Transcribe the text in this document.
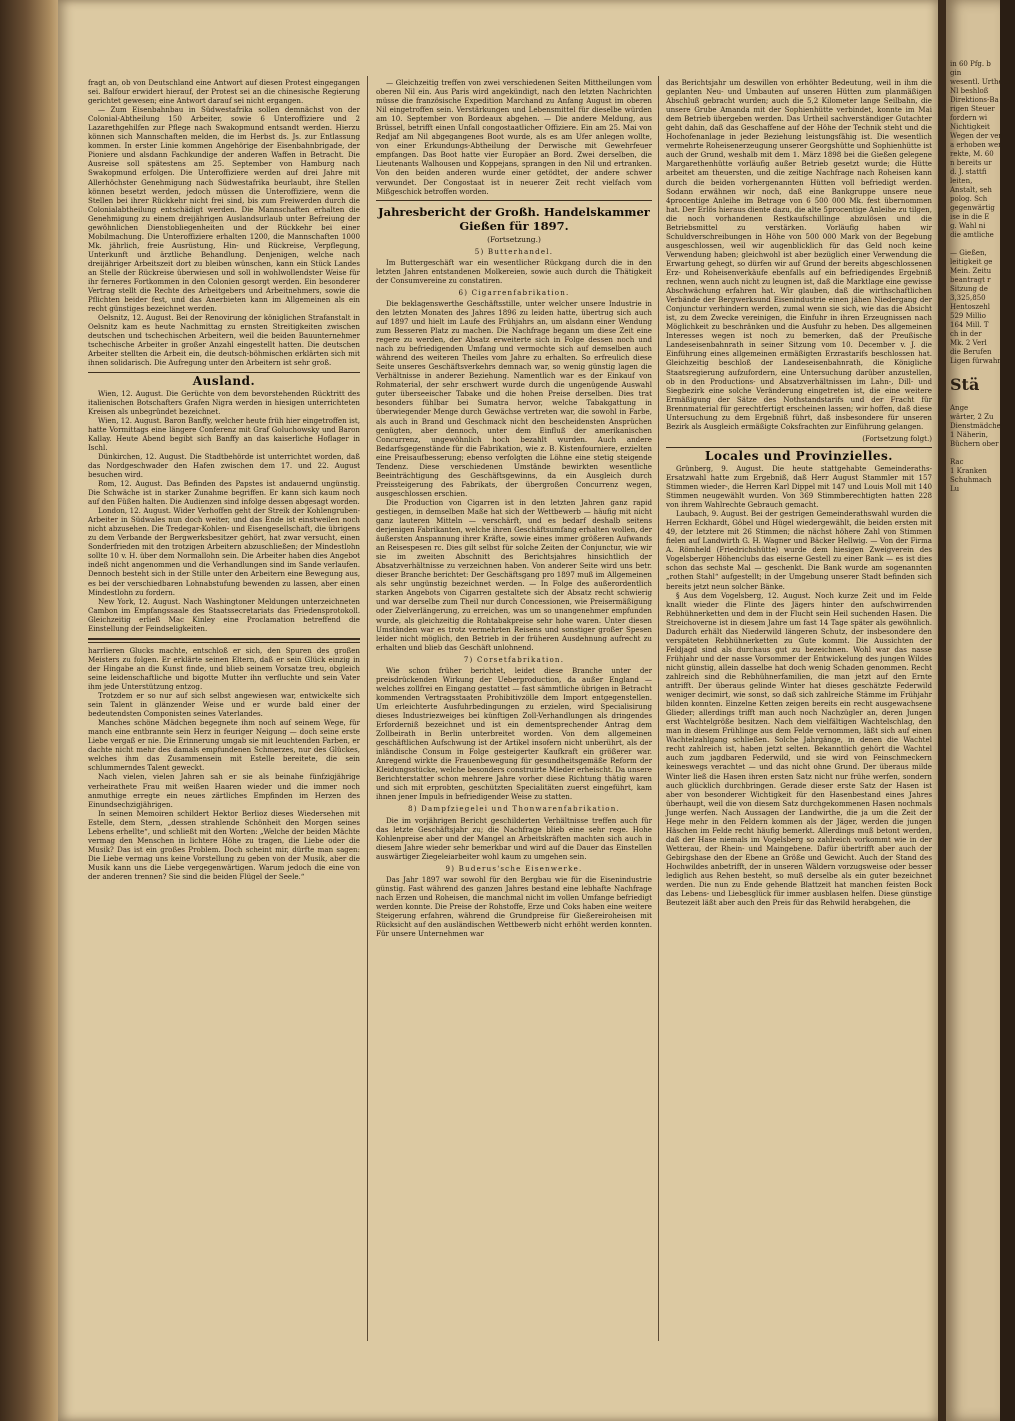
fragt an, ob von Deutschland eine Antwort auf diesen Protest eingegangen sei. Balfour erwidert hierauf, der Protest sei an die chinesische Regierung gerichtet gewesen; eine Antwort darauf sei nicht ergangen.

— Zum Eisenbahnbau in Südwestafrika sollen demnächst von der Colonial-Abtheilung 150 Arbeiter, sowie 6 Unteroffiziere und 2 Lazarethgehilfen zur Pflege nach Swakopmund entsandt werden. Hierzu können sich Mannschaften melden, die im Herbst ds. Js. zur Entlassung kommen. In erster Linie kommen Angehörige der Eisenbahnbrigade, der Pioniere und alsdann Fachkundige der anderen Waffen in Betracht. Die Ausreise soll spätestens am 25. September von Hamburg nach Swakopmund erfolgen. Die Unteroffiziere werden auf drei Jahre mit Allerhöchster Genehmigung nach Südwestafrika beurlaubt, ihre Stellen können besetzt werden, jedoch müssen die Unteroffiziere, wenn die Stellen bei ihrer Rückkehr nicht frei sind, bis zum Freiwerden durch die Colonialabtheilung entschädigt werden. Die Mannschaften erhalten die Genehmigung zu einem dreijährigen Auslandsurlaub unter Befreiung der gewöhnlichen Dienstobliegenheiten und der Rückkehr bei einer Mobilmachung. Die Unteroffiziere erhalten 1200, die Mannschaften 1000 Mk. jährlich, freie Ausrüstung, Hin- und Rückreise, Verpflegung, Unterkunft und ärztliche Behandlung. Denjenigen, welche nach dreijähriger Arbeitszeit dort zu bleiben wünschen, kann ein Stück Landes an Stelle der Rückreise überwiesen und soll in wohlwollendster Weise für ihr ferneres Fortkommen in den Colonien gesorgt werden. Ein besonderer Vertrag stellt die Rechte des Arbeitgebers und Arbeitnehmers, sowie die Pflichten beider fest, und das Anerbieten kann im Allgemeinen als ein recht günstiges bezeichnet werden.

Oelsnitz, 12. August. Bei der Renovirung der königlichen Strafanstalt in Oelsnitz kam es heute Nachmittag zu ernsten Streitigkeiten zwischen deutschen und tschechischen Arbeitern, weil die beiden Bauunternehmer tschechische Arbeiter in großer Anzahl eingestellt hatten. Die deutschen Arbeiter stellten die Arbeit ein, die deutsch-böhmischen erklärten sich mit ihnen solidarisch. Die Aufregung unter den Arbeitern ist sehr groß.

Ausland.

Wien, 12. August. Die Gerüchte von dem bevorstehenden Rücktritt des italienischen Botschafters Grafen Nigra werden in hiesigen unterrichteten Kreisen als unbegründet bezeichnet.

Wien, 12. August. Baron Banffy, welcher heute früh hier eingetroffen ist, hatte Vormittags eine längere Conferenz mit Graf Goluchowsky und Baron Kallay. Heute Abend begibt sich Banffy an das kaiserliche Hoflager in Ischl.

Dünkirchen, 12. August. Die Stadtbehörde ist unterrichtet worden, daß das Nordgeschwader den Hafen zwischen dem 17. und 22. August besuchen wird.

Rom, 12. August. Das Befinden des Papstes ist andauernd ungünstig. Die Schwäche ist in starker Zunahme begriffen. Er kann sich kaum noch auf den Füßen halten. Die Audienzen sind infolge dessen abgesagt worden.

London, 12. August. Wider Verhoffen geht der Streik der Kohlengruben-Arbeiter in Südwales nun doch weiter, und das Ende ist einstweilen noch nicht abzusehen. Die Tredegar-Kohlen- und Eisengesellschaft, die übrigens zu dem Verbande der Bergwerksbesitzer gehört, hat zwar versucht, einen Sonderfrieden mit den trotzigen Arbeitern abzuschließen; der Mindestlohn sollte 10 v. H. über dem Normallohn sein. Die Arbeiter haben dies Angebot indeß nicht angenommen und die Verhandlungen sind im Sande verlaufen. Dennoch besteht sich in der Stille unter den Arbeitern eine Bewegung aus, es bei der verschiedbaren Lohnabstufung bewenden zu lassen, aber einen Mindestlohn zu fordern.

New York, 12. August. Nach Washingtoner Meldungen unterzeichneten Cambon im Empfangssaale des Staatssecretariats das Friedensprotokoll. Gleichzeitig erließ Mac Kinley eine Proclamation betreffend die Einstellung der Feindseligkeiten.

harrlieren Glucks machte, entschloß er sich, den Spuren des großen Meisters zu folgen. Er erklärte seinen Eltern, daß er sein Glück einzig in der Hingabe an die Kunst finde, und blieb seinem Vorsatze treu, obgleich seine leidenschaftliche und bigotte Mutter ihn verfluchte und sein Vater ihm jede Unterstützung entzog.

Trotzdem er so nur auf sich selbst angewiesen war, entwickelte sich sein Talent in glänzender Weise und er wurde bald einer der bedeutendsten Componisten seines Vaterlandes.

Manches schöne Mädchen begegnete ihm noch auf seinem Wege, für manch eine entbrannte sein Herz in feuriger Neigung — doch seine erste Liebe vergaß er nie. Die Erinnerung umgab sie mit leuchtenden Farben, er dachte nicht mehr des damals empfundenen Schmerzes, nur des Glückes, welches ihm das Zusammensein mit Estelle bereitete, die sein schlummerndes Talent geweckt.

Nach vielen, vielen Jahren sah er sie als beinahe fünfzigjährige verheirathete Frau mit weißen Haaren wieder und die immer noch anmuthige erregte ein neues zärtliches Empfinden im Herzen des Einundsechzigjährigen.

In seinen Memoiren schildert Hektor Berlioz dieses Wiedersehen mit Estelle, dem Stern, „dessen strahlende Schönheit den Morgen seines Lebens erhellte“, und schließt mit den Worten: „Welche der beiden Mächte vermag den Menschen in lichtere Höhe zu tragen, die Liebe oder die Musik? Das ist ein großes Problem. Doch scheint mir, dürfte man sagen: Die Liebe vermag uns keine Vorstellung zu geben von der Musik, aber die Musik kann uns die Liebe vergegenwärtigen. Warum jedoch die eine von der anderen trennen? Sie sind die beiden Flügel der Seele.“

— Gleichzeitig treffen von zwei verschiedenen Seiten Mittheilungen vom oberen Nil ein. Aus Paris wird angekündigt, nach den letzten Nachrichten müsse die französische Expedition Marchand zu Anfang August im oberen Nil eingetroffen sein. Verstärkungen und Lebensmittel für dieselbe würden am 10. September von Bordeaux abgehen. — Die andere Meldung, aus Brüssel, betrifft einen Unfall congostaatlicher Offiziere. Ein am 25. Mai von Redjaf am Nil abgegangenes Boot wurde, als es am Ufer anlegen wollte, von einer Erkundungs-Abtheilung der Derwische mit Gewehrfeuer empfangen. Das Boot hatte vier Europäer an Bord. Zwei derselben, die Lieutenants Walhousen und Koppejans, sprangen in den Nil und ertranken. Von den beiden anderen wurde einer getödtet, der andere schwer verwundet. Der Congostaat ist in neuerer Zeit recht vielfach vom Mißgeschick betroffen worden.

Jahresbericht der Großh. Handelskammer Gießen für 1897.
(Fortsetzung.)

5) Butterhandel.

Im Buttergeschäft war ein wesentlicher Rückgang durch die in den letzten Jahren entstandenen Molkereien, sowie auch durch die Thätigkeit der Consumvereine zu constatiren.

6) Cigarrenfabrikation.

Die beklagenswerthe Geschäftsstille, unter welcher unsere Industrie in den letzten Monaten des Jahres 1896 zu leiden hatte, übertrug sich auch auf 1897 und hielt im Laufe des Frühjahrs an, um alsdann einer Wendung zum Besseren Platz zu machen. Die Nachfrage begann um diese Zeit eine regere zu werden, der Absatz erweiterte sich in Folge dessen noch und nach zu befriedigenden Umfang und vermochte sich auf demselben auch während des weiteren Theiles vom Jahre zu erhalten. So erfreulich diese Seite unseres Geschäftsverkehrs demnach war, so wenig günstig lagen die Verhältnisse in anderer Beziehung. Namentlich war es der Einkauf von Rohmaterial, der sehr erschwert wurde durch die ungenügende Auswahl guter überseeischer Tabake und die hohen Preise derselben. Dies trat besonders fühlbar bei Sumatra hervor, welche Tabakgattung in überwiegender Menge durch Gewächse vertreten war, die sowohl in Farbe, als auch in Brand und Geschmack nicht den bescheidensten Ansprüchen genügten, aber dennoch, unter dem Einfluß der amerikanischen Concurrenz, ungewöhnlich hoch bezahlt wurden. Auch andere Bedarfsgegenstände für die Fabrikation, wie z. B. Kistenfourniere, erzielten eine Preisaufbesserung; ebenso verfolgten die Löhne eine stetig steigende Tendenz. Diese verschiedenen Umstände bewirkten wesentliche Beeinträchtigung des Geschäftsgewinns, da ein Ausgleich durch Preissteigerung des Fabrikats, der übergroßen Concurrenz wegen, ausgeschlossen erschien.

Die Production von Cigarren ist in den letzten Jahren ganz rapid gestiegen, in demselben Maße hat sich der Wettbewerb — häufig mit nicht ganz lauteren Mitteln — verschärft, und es bedarf deshalb seitens derjenigen Fabrikanten, welche ihren Geschäftsumfang erhalten wollen, der äußersten Anspannung ihrer Kräfte, sowie eines immer größeren Aufwands an Reisespesen rc. Dies gilt selbst für solche Zeiten der Conjunctur, wie wir sie im zweiten Abschnitt des Berichtsjahres hinsichtlich der Absatzverhältnisse zu verzeichnen haben. Von anderer Seite wird uns betr. dieser Branche berichtet: Der Geschäftsgang pro 1897 muß im Allgemeinen als sehr ungünstig bezeichnet werden. — In Folge des außerordentlich starken Angebots von Cigarren gestaltete sich der Absatz recht schwierig und war derselbe zum Theil nur durch Concessionen, wie Preisermäßigung oder Zielverlängerung, zu erreichen, was um so unangenehmer empfunden wurde, als gleichzeitig die Rohtabakpreise sehr hohe waren. Unter diesen Umständen war es trotz vermehrten Reisens und sonstiger großer Spesen leider nicht möglich, den Betrieb in der früheren Ausdehnung aufrecht zu erhalten und blieb das Geschäft unlohnend.

7) Corsetfabrikation.

Wie schon früher berichtet, leidet diese Branche unter der preisdrückenden Wirkung der Ueberproduction, da außer England — welches zollfrei en Eingang gestattet — fast sämmtliche übrigen in Betracht kommenden Vertragsstaaten Prohibitivzölle dem Import entgegenstellen. Um erleichterte Ausfuhrbedingungen zu erzielen, wird Specialisirung dieses Industriezweiges bei künftigen Zoll-Verhandlungen als dringendes Erforderniß bezeichnet und ist ein dementsprechender Antrag dem Zollbeirath in Berlin unterbreitet worden. Von dem allgemeinen geschäftlichen Aufschwung ist der Artikel insofern nicht unberührt, als der inländische Consum in Folge gesteigerter Kaufkraft ein größerer war. Anregend wirkte die Frauenbewegung für gesundheitsgemäße Reform der Kleidungsstücke, welche besonders construirte Mieder erheischt. Da unsere Berichterstatter schon mehrere Jahre vorher diese Richtung thätig waren und sich mit erprobten, geschützten Specialitäten zuerst eingeführt, kam ihnen jener Impuls in befriedigender Weise zu statten.

8) Dampfziegelei und Thonwarenfabrikation.

Die im vorjährigen Bericht geschilderten Verhältnisse treffen auch für das letzte Geschäftsjahr zu; die Nachfrage blieb eine sehr rege. Hohe Kohlenpreise aber und der Mangel an Arbeitskräften machten sich auch in diesem Jahre wieder sehr bemerkbar und wird auf die Dauer das Einstellen auswärtiger Ziegeleiarbeiter wohl kaum zu umgehen sein.

9) Buderus'sche Eisenwerke.

Das Jahr 1897 war sowohl für den Bergbau wie für die Eisenindustrie günstig. Fast während des ganzen Jahres bestand eine lebhafte Nachfrage nach Erzen und Roheisen, die manchmal nicht im vollen Umfange befriedigt werden konnte. Die Preise der Rohstoffe, Erze und Coks haben eine weitere Steigerung erfahren, während die Grundpreise für Gießereiroheisen mit Rücksicht auf den ausländischen Wettbewerb nicht erhöht werden konnten. Für unsere Unternehmen war

das Berichtsjahr um deswillen von erhöhter Bedeutung, weil in ihm die geplanten Neu- und Umbauten auf unseren Hütten zum planmäßigen Abschluß gebracht wurden; auch die 5,2 Kilometer lange Seilbahn, die unsere Grube Amanda mit der Sophienhütte verbindet, konnte im Mai dem Betrieb übergeben werden. Das Urtheil sachverständiger Gutachter geht dahin, daß das Geschaffene auf der Höhe der Technik steht und die Hochofenanlage in jeder Beziehung leistungsfähig ist. Die wesentlich vermehrte Roheisenerzeugung unserer Georgshütte und Sophienhütte ist auch der Grund, weshalb mit dem 1. März 1898 bei die Gießen gelegene Margarethenhütte vorläufig außer Betrieb gesetzt wurde; die Hütte arbeitet am theuersten, und die zeitige Nachfrage nach Roheisen kann durch die beiden vorhergenannten Hütten voll befriedigt werden. Sodann erwähnen wir noch, daß eine Bankgruppe unsere neue 4procentige Anleihe im Betrage von 6 500 000 Mk. fest übernommen hat. Der Erlös hieraus diente dazu, die alte 5procentige Anleihe zu tilgen, die noch vorhandenen Restkaufschillinge abzulösen und die Betriebsmittel zu verstärken. Vorläufig haben wir Schuldverschreibungen in Höhe von 500 000 Mark von der Begebung ausgeschlossen, weil wir augenblicklich für das Geld noch keine Verwendung haben; gleichwohl ist aber bezüglich einer Verwendung die Erwartung gehegt, so dürfen wir auf Grund der bereits abgeschlossenen Erz- und Roheisenverkäufe ebenfalls auf ein befriedigendes Ergebniß rechnen, wenn auch nicht zu leugnen ist, daß die Marktlage eine gewisse Abschwächung erfahren hat. Wir glauben, daß die wirthschaftlichen Verbände der Bergwerksund Eisenindustrie einen jähen Niedergang der Conjunctur verhindern werden, zumal wenn sie sich, wie das die Absicht ist, zu dem Zwecke vereinigen, die Einfuhr in ihren Erzeugnissen nach Möglichkeit zu beschränken und die Ausfuhr zu heben. Des allgemeinen Interesses wegen ist noch zu bemerken, daß der Preußische Landeseisenbahnrath in seiner Sitzung vom 10. December v. J. die Einführung eines allgemeinen ermäßigten Erzrastarifs beschlossen hat. Gleichzeitig beschloß der Landeseisenbahnrath, die Königliche Staatsregierung aufzufordern, eine Untersuchung darüber anzustellen, ob in den Productions- und Absatzverhältnissen im Lahn-, Dill- und Siegbezirk eine solche Veränderung eingetreten ist, die eine weitere Ermäßigung der Sätze des Nothstandstarifs und der Fracht für Brennmaterial für gerechtfertigt erscheinen lassen; wir hoffen, daß diese Untersuchung zu dem Ergebniß führt, daß insbesondere für unseren Bezirk als Ausgleich ermäßigte Coksfrachten zur Einführung gelangen.

(Fortsetzung folgt.)

Locales und Provinzielles.

Grünberg, 9. August. Die heute stattgehabte Gemeinderaths-Ersatzwahl hatte zum Ergebniß, daß Herr August Stammler mit 157 Stimmen wieder-, die Herren Karl Dippel mit 147 und Louis Moll mit 140 Stimmen neugewählt wurden. Von 369 Stimmberechtigten hatten 228 von ihrem Wahlrechte Gebrauch gemacht.

Laubach, 9. August. Bei der gestrigen Gemeinderathswahl wurden die Herren Eckhardt, Göbel und Hügel wiedergewählt, die beiden ersten mit 49, der letztere mit 26 Stimmen; die nächst höhere Zahl von Stimmen fielen auf Landwirth G. H. Wagner und Bäcker Hellwig. — Von der Firma A. Römheld (Friedrichshütte) wurde dem hiesigen Zweigverein des Vogelsberger Höhenclubs das eiserne Gestell zu einer Bank — es ist dies schon das sechste Mal — geschenkt. Die Bank wurde am sogenannten „rothen Stahl“ aufgestellt; in der Umgebung unserer Stadt befinden sich bereits jetzt neun solcher Bänke.

§ Aus dem Vogelsberg, 12. August. Noch kurze Zeit und im Felde knallt wieder die Flinte des Jägers hinter den aufschwirrenden Rebhühnerketten und dem in der Flucht sein Heil suchenden Hasen. Die Streichoverne ist in diesem Jahre um fast 14 Tage später als gewöhnlich. Dadurch erhält das Niederwild längeren Schutz, der insbesondere den verspäteten Rebhühnerketten zu Gute kommt. Die Aussichten der Feldjagd sind als durchaus gut zu bezeichnen. Wohl war das nasse Frühjahr und der nasse Vorsommer der Entwickelung des jungen Wildes nicht günstig, allein dasselbe hat doch wenig Schaden genommen. Recht zahlreich sind die Rebhühnerfamilien, die man jetzt auf den Ernte antrifft. Der überaus gelinde Winter hat dieses geschätzte Federwild weniger decimirt, wie sonst, so daß sich zahlreiche Stämme im Frühjahr bilden konnten. Einzelne Ketten zeigen bereits ein recht ausgewachsene Glieder; allerdings trifft man auch noch Nachzügler an, deren Jungen erst Wachtelgröße besitzen. Nach dem vielfältigen Wachtelschlag, den man in diesem Frühlinge aus dem Felde vernommen, läßt sich auf einen Wachtelzahlgang schließen. Solche Jahrgänge, in denen die Wachtel recht zahlreich ist, haben jetzt selten. Bekanntlich gehört die Wachtel auch zum jagdbaren Federwild, und sie wird von Feinschmeckern keineswegs verachtet — und das nicht ohne Grund. Der überaus milde Winter ließ die Hasen ihren ersten Satz nicht nur frühe werfen, sondern auch glücklich durchbringen. Gerade dieser erste Satz der Hasen ist aber von besonderer Wichtigkeit für den Hasenbestand eines Jahres überhaupt, weil die von diesem Satz durchgekommenen Hasen nochmals Junge werfen. Nach Aussagen der Landwirthe, die ja um die Zeit der Hege mehr in den Feldern kommen als der Jäger, werden die jungen Häschen im Felde recht häufig bemerkt. Allerdings muß betont werden, daß der Hase niemals im Vogelsberg so zahlreich vorkommt wie in der Wetterau, der Rhein- und Maingebene. Dafür übertrifft aber auch der Gebirgshase den der Ebene an Größe und Gewicht. Auch der Stand des Hochwildes anbetrifft, der in unseren Wäldern vorzugsweise oder besser lediglich aus Rehen besteht, so muß derselbe als ein guter bezeichnet werden. Die nun zu Ende gehende Blattzeit hat manchen feisten Bock das Lebens- und Liebesglück für immer ausblasen helfen. Diese günstige Beutezeit läßt aber auch den Preis für das Rehwild herabgehen, die

in 60 Pfg. b
gin
wesentl. Urtheilsk
Nl beshloß
Direktions-Ba
rigen Steuer
fordern wi
Nichtigkeit
Wegen der ver
a erhoben wer
rekte, M. 60
n bereits ur
d. J. stattfi
leiten,
Anstalt, seh
polog. Sch
gegenwärtig
ise in die E
g. Wahl ni
die amtliche

— Gießen,
leitigkeit ge
Mein. Zeitu
beantragt r
Sitzung de
3,325,850
Hentoszehl
529 Millio
164 Mill. T
ch in der
Mk. 2 Verl
die Berufen
Ligen fürwahr

Stä

Ange
wärter, 2 Zu
Dienstmädche
1 Näherin,
Büchern ober

Rac
1 Kranken
Schuhmach
Lu
